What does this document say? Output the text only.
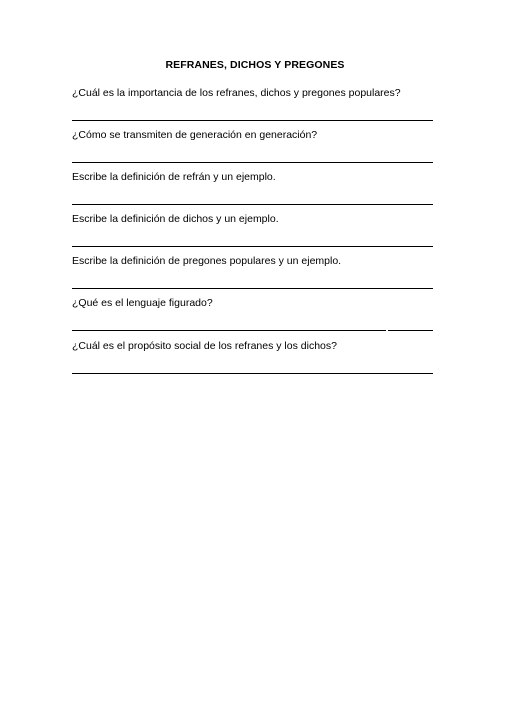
REFRANES, DICHOS Y PREGONES
¿Cuál es la importancia de los refranes, dichos y pregones populares?
¿Cómo se transmiten de generación en generación?
Escribe la definición de refrán y un ejemplo.
Escribe la definición de dichos y un ejemplo.
Escribe la definición de pregones populares y un ejemplo.
¿Qué es el lenguaje figurado?
¿Cuál es el propósito social de los refranes y los dichos?
